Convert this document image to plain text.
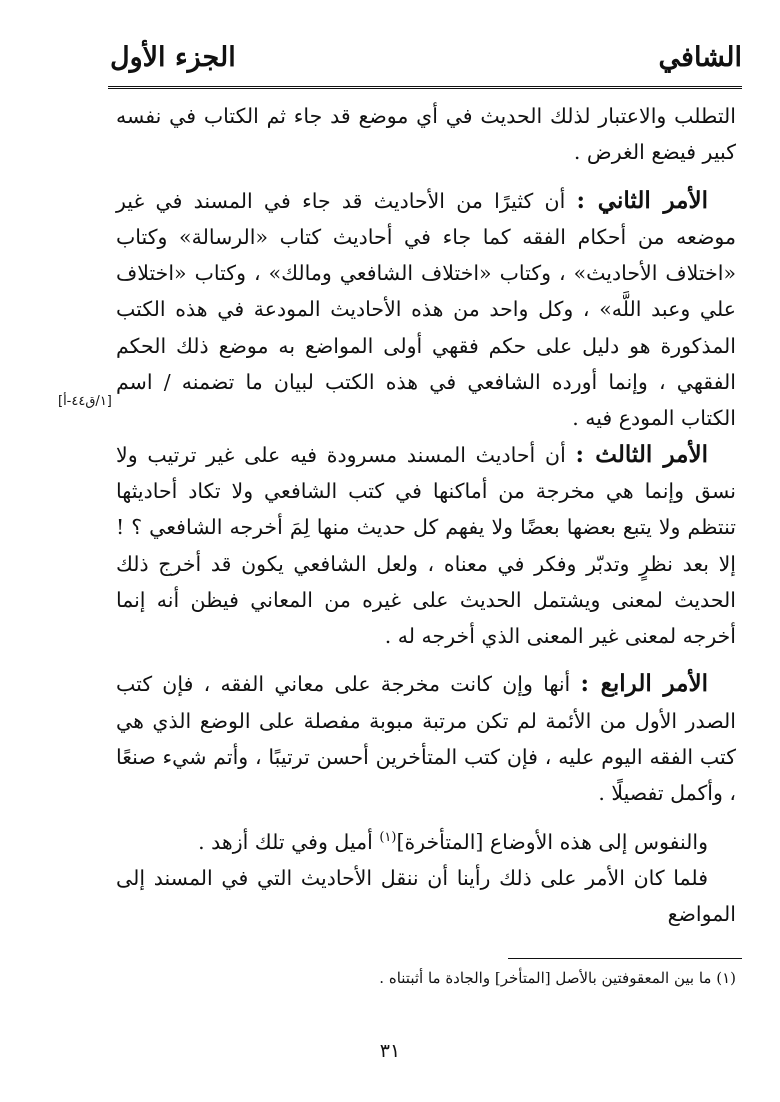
الشافي
الجزء الأول
[١/ق٤٤-أ]

التطلب والاعتبار لذلك الحديث في أي موضع قد جاء ثم الكتاب في نفسه كبير فيضع الغرض .

الأمر الثاني : أن كثيرًا من الأحاديث قد جاء في المسند في غير موضعه من أحكام الفقه كما جاء في أحاديث كتاب «الرسالة» وكتاب «اختلاف الأحاديث» ، وكتاب «اختلاف الشافعي ومالك» ، وكتاب «اختلاف علي وعبد اللَّه» ، وكل واحد من هذه الأحاديث المودعة في هذه الكتب المذكورة هو دليل على حكم فقهي أولى المواضع به موضع ذلك الحكم الفقهي ، وإنما أورده الشافعي في هذه الكتب لبيان ما تضمنه / اسم الكتاب المودع فيه .

الأمر الثالث : أن أحاديث المسند مسرودة فيه على غير ترتيب ولا نسق وإنما هي مخرجة من أماكنها في كتب الشافعي ولا تكاد أحاديثها تنتظم ولا يتبع بعضها بعضًا ولا يفهم كل حديث منها لِمَ أخرجه الشافعي ؟ ! إلا بعد نظرٍ وتدبّر وفكر في معناه ، ولعل الشافعي يكون قد أخرج ذلك الحديث لمعنى ويشتمل الحديث على غيره من المعاني فيظن أنه إنما أخرجه لمعنى غير المعنى الذي أخرجه له .

الأمر الرابع : أنها وإن كانت مخرجة على معاني الفقه ، فإن كتب الصدر الأول من الأئمة لم تكن مرتبة مبوبة مفصلة على الوضع الذي هي كتب الفقه اليوم عليه ، فإن كتب المتأخرين أحسن ترتيبًا ، وأتم شيء صنعًا ، وأكمل تفصيلًا .

والنفوس إلى هذه الأوضاع [المتأخرة]$^{(١)}$ أميل وفي تلك أزهد .

فلما كان الأمر على ذلك رأينا أن ننقل الأحاديث التي في المسند إلى المواضع

(١) ما بين المعقوفتين بالأصل [المتأخر] والجادة ما أثبتناه .
٣١
